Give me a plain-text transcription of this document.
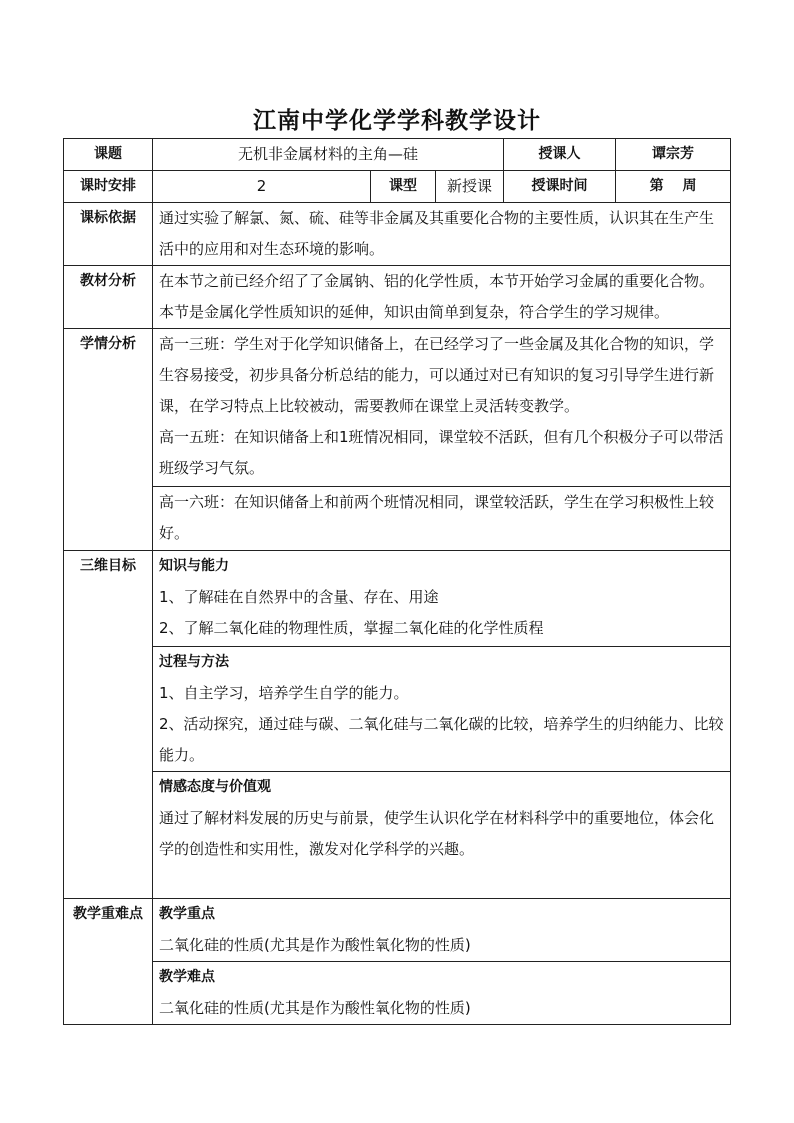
江南中学化学学科教学设计
课题	无机非金属材料的主角—硅			授课人	谭宗芳
课时安排	2	课型	新授课	授课时间	第　 周
课标依据	通过实验了解氯、氮、硫、硅等非金属及其重要化合物的主要性质，认识其在生产生活中的应用和对生态环境的影响。				
教材分析	在本节之前已经介绍了了金属钠、铝的化学性质，本节开始学习金属的重要化合物。本节是金属化学性质知识的延伸，知识由简单到复杂，符合学生的学习规律。				
学情分析	高一三班：学生对于化学知识储备上，在已经学习了一些金属及其化合物的知识，学生容易接受，初步具备分析总结的能力，可以通过对已有知识的复习引导学生进行新课，在学习特点上比较被动，需要教师在课堂上灵活转变教学。
高一五班：在知识储备上和1班情况相同，课堂较不活跃，但有几个积极分子可以带活班级学习气氛。				

	高一六班：在知识储备上和前两个班情况相同，课堂较活跃，学生在学习积极性上较好。				
三维目标	知识与能力
1、了解硅在自然界中的含量、存在、用途
2、了解二氧化硅的物理性质，掌握二氧化硅的化学性质程				

	过程与方法
1、自主学习，培养学生自学的能力。
2、活动探究，通过硅与碳、二氧化硅与二氧化碳的比较，培养学生的归纳能力、比较能力。				

	情感态度与价值观
通过了解材料发展的历史与前景，使学生认识化学在材料科学中的重要地位，体会化学的创造性和实用性，激发对化学科学的兴趣。				

教学重难点	教学重点
二氧化硅的性质(尤其是作为酸性氧化物的性质)				

	教学难点
二氧化硅的性质(尤其是作为酸性氧化物的性质)				
